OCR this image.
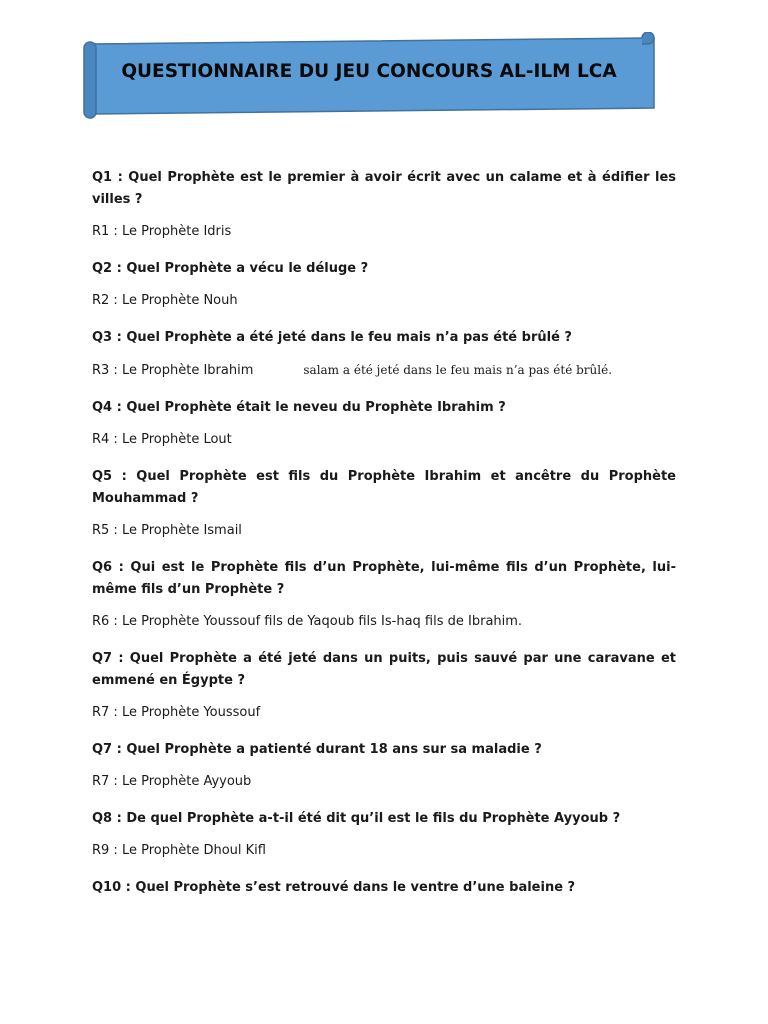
QUESTIONNAIRE DU JEU CONCOURS AL-ILM LCA

Q1 : Quel Prophète est le premier à avoir écrit avec un calame et à édifier les villes ?

R1 : Le Prophète Idris

Q2 : Quel Prophète a vécu le déluge ?

R2 : Le Prophète Nouh

Q3 : Quel Prophète a été jeté dans le feu mais n’a pas été brûlé ?

R3 : Le Prophète Ibrahim	salam a été jeté dans le feu mais n’a pas été brûlé.

Q4 : Quel Prophète était le neveu du Prophète Ibrahim ?

R4 : Le Prophète Lout

Q5 : Quel Prophète est fils du Prophète Ibrahim et ancêtre du Prophète Mouhammad ?

R5 : Le Prophète Ismail

Q6 : Qui est le Prophète fils d’un Prophète, lui-même fils d’un Prophète, lui-même fils d’un Prophète ?

R6 : Le Prophète Youssouf fils de Yaqoub fils Is-haq fils de Ibrahim.

Q7 : Quel Prophète a été jeté dans un puits, puis sauvé par une caravane et emmené en Égypte ?

R7 : Le Prophète Youssouf

Q7 : Quel Prophète a patienté durant 18 ans sur sa maladie ?

R7 : Le Prophète Ayyoub

Q8 : De quel Prophète a-t-il été dit qu’il est le fils du Prophète Ayyoub ?

R9 : Le Prophète Dhoul Kifl

Q10 : Quel Prophète s’est retrouvé dans le ventre d’une baleine ?
